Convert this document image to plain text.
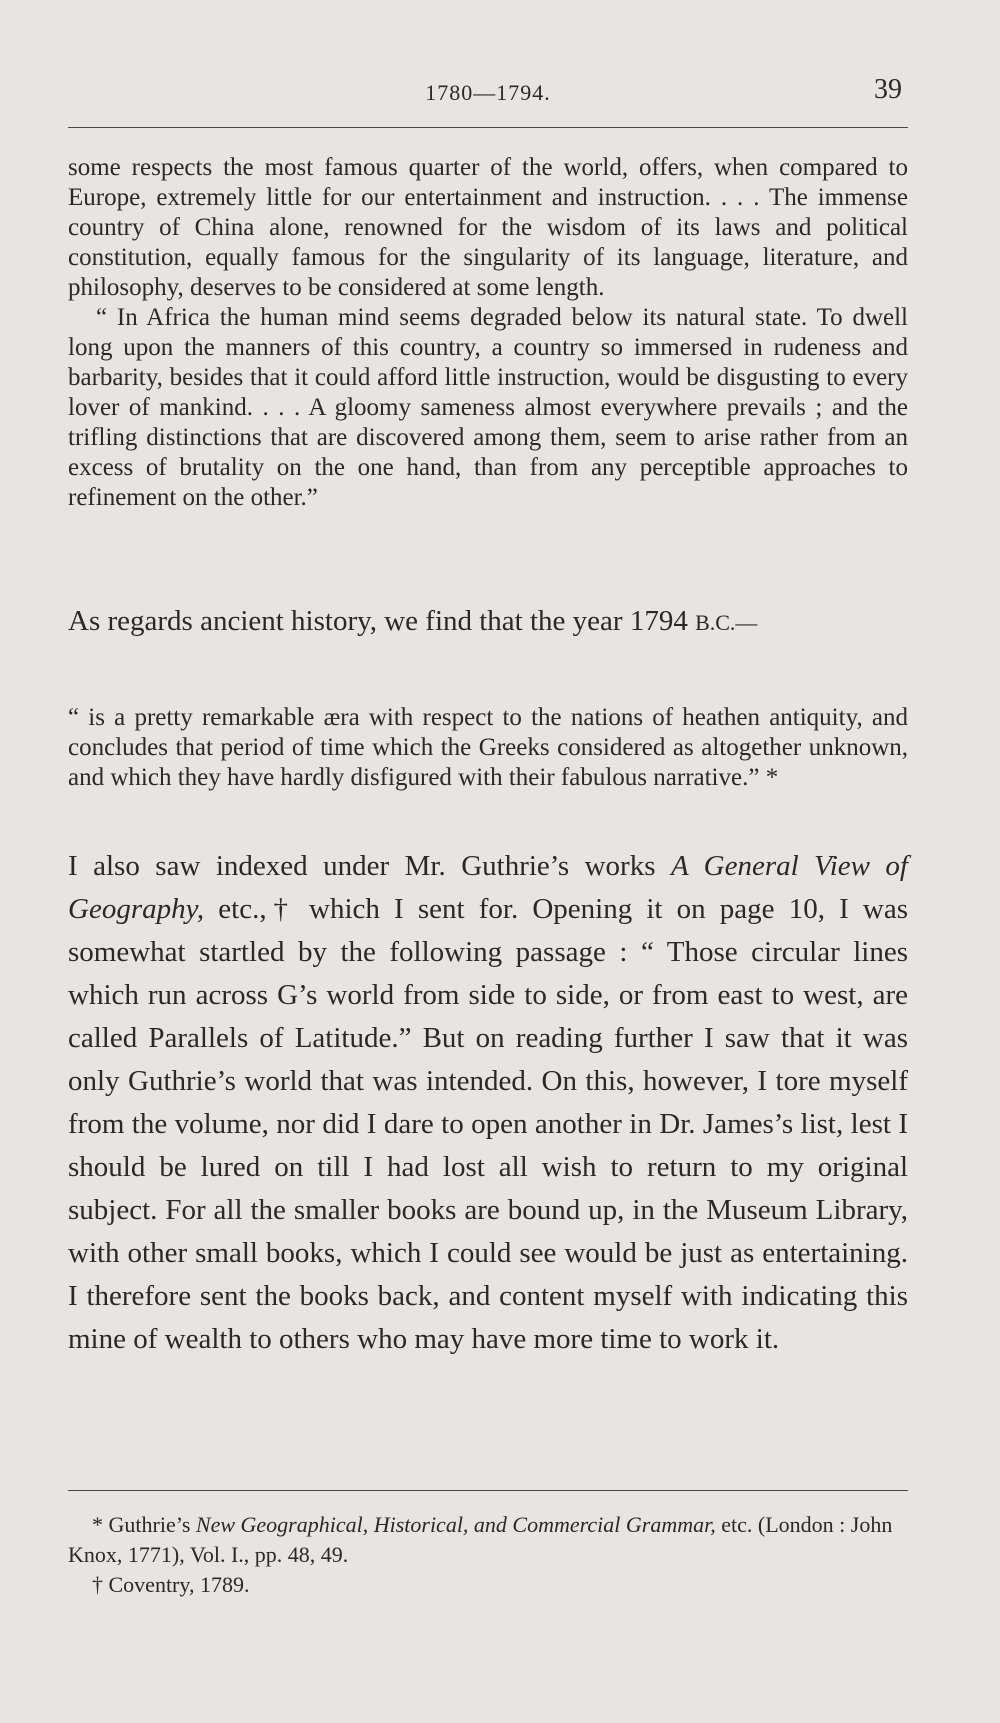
1780—1794.	39

some respects the most famous quarter of the world, offers, when compared to Europe, extremely little for our entertainment and instruction. . . . The immense country of China alone, renowned for the wisdom of its laws and political constitution, equally famous for the singularity of its language, literature, and philosophy, deserves to be considered at some length.

“ In Africa the human mind seems degraded below its natural state. To dwell long upon the manners of this country, a country so immersed in rudeness and barbarity, besides that it could afford little instruction, would be disgusting to every lover of mankind. . . . A gloomy sameness almost everywhere prevails ; and the trifling distinctions that are discovered among them, seem to arise rather from an excess of brutality on the one hand, than from any perceptible approaches to refinement on the other.”

As regards ancient history, we find that the year 1794 B.C.—

“ is a pretty remarkable æra with respect to the nations of heathen antiquity, and concludes that period of time which the Greeks considered as altogether unknown, and which they have hardly disfigured with their fabulous narrative.” *

I also saw indexed under Mr. Guthrie’s works A General View of Geography, etc.,† which I sent for. Opening it on page 10, I was somewhat startled by the following passage : “ Those circular lines which run across G’s world from side to side, or from east to west, are called Parallels of Latitude.” But on reading further I saw that it was only Guthrie’s world that was intended. On this, however, I tore myself from the volume, nor did I dare to open another in Dr. James’s list, lest I should be lured on till I had lost all wish to return to my original subject. For all the smaller books are bound up, in the Museum Library, with other small books, which I could see would be just as entertaining. I therefore sent the books back, and content myself with indicating this mine of wealth to others who may have more time to work it.

* Guthrie’s New Geographical, Historical, and Commercial Grammar, etc. (London : John Knox, 1771), Vol. I., pp. 48, 49.

† Coventry, 1789.
